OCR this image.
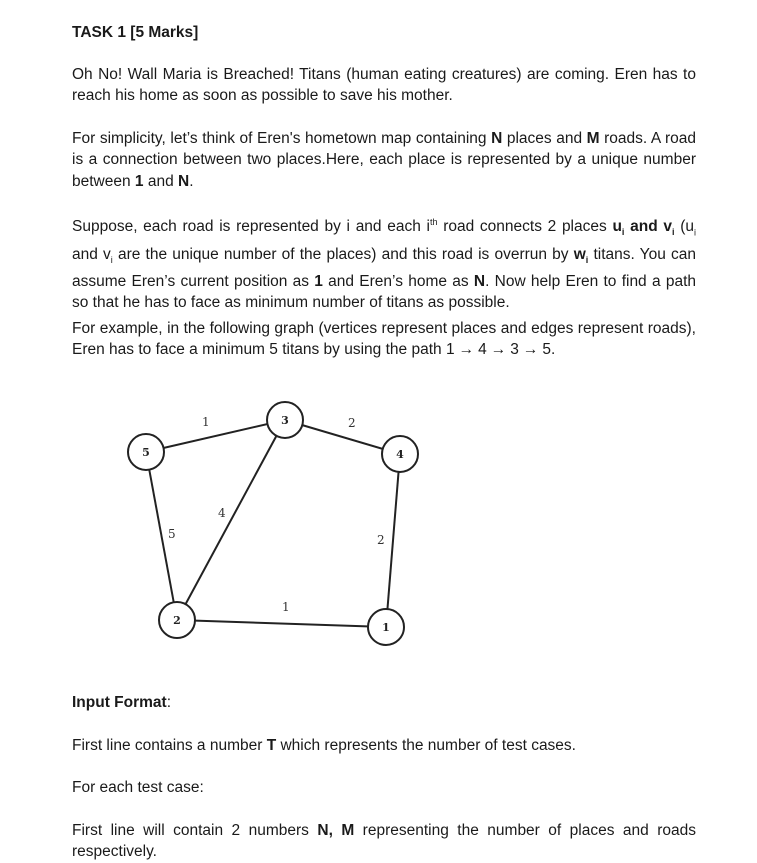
TASK 1 [5 Marks]

Oh No! Wall Maria is Breached! Titans (human eating creatures) are coming. Eren has to reach his home as soon as possible to save his mother.

For simplicity, let’s think of Eren's hometown map containing N places and M roads. A road is a connection between two places.Here, each place is represented by a unique number between 1 and N.

Suppose, each road is represented by i and each $i^{th}$ road connects 2 places $u_i$ and $v_i$ ($u_i$ and $v_i$ are the unique number of the places) and this road is overrun by $w_i$ titans. You can assume Eren’s current position as 1 and Eren’s home as N. Now help Eren to find a path so that he has to face as minimum number of titans as possible.

For example, in the following graph (vertices represent places and edges represent roads), Eren has to face a minimum 5 titans by using the path 1 → 4 → 3 → 5.

Input Format:

First line contains a number T which represents the number of test cases.

For each test case:

First line will contain 2 numbers N, M representing the number of places and roads respectively.

1	2
4
5	2
1
5
3
4
2
1
